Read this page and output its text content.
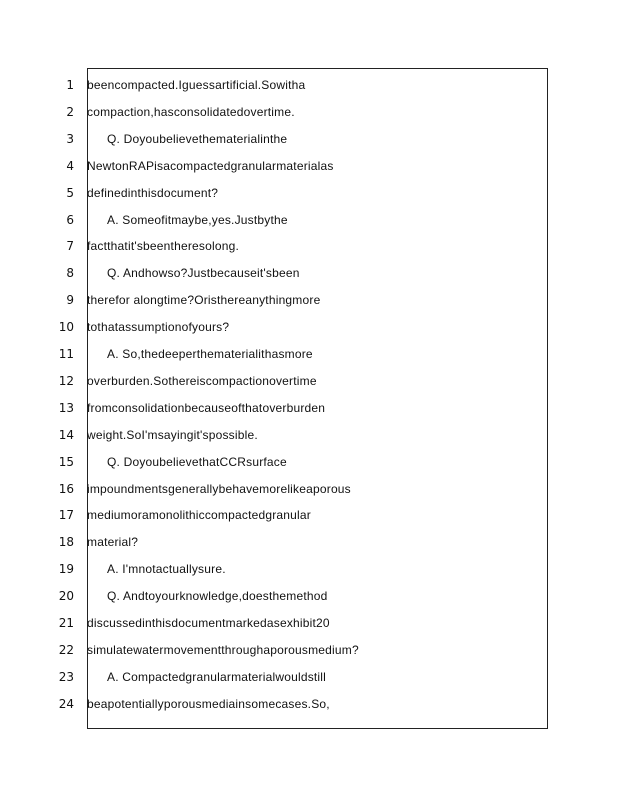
1 beencompacted.Iguessartificial.Sowitha
2 compaction,hasconsolidatedovertime.
3	Q. Doyoubelievethematerialinthe
4 NewtonRAPisacompactedgranularmaterialas
5 definedinthisdocument?
6	A. Someofitmaybe,yes.Justbythe
7 factthatit'sbeentheresolong.
8	Q. Andhowso?Justbecauseit'sbeen
9 therefor alongtime?Oristhereanythingmore
10 tothatassumptionofyours?
11	A. So,thedeeperthematerialithasmore
12 overburden.Sothereiscompactionovertime
13 fromconsolidationbecauseofthatoverburden
14 weight.SoI'msayingit'spossible.
15	Q. DoyoubelievethatCCRsurface
16 impoundmentsgenerallybehavemorelikeaporous
17 mediumoramonolithiccompactedgranular
18 material?
19	A. I'mnotactuallysure.
20	Q. Andtoyourknowledge,doesthemethod
21 discussedinthisdocumentmarkedasexhibit20
22 simulatewatermovementthroughaporousmedium?
23	A. Compactedgranularmaterialwouldstill
24 beapotentiallyporousmediainsomecases.So,
